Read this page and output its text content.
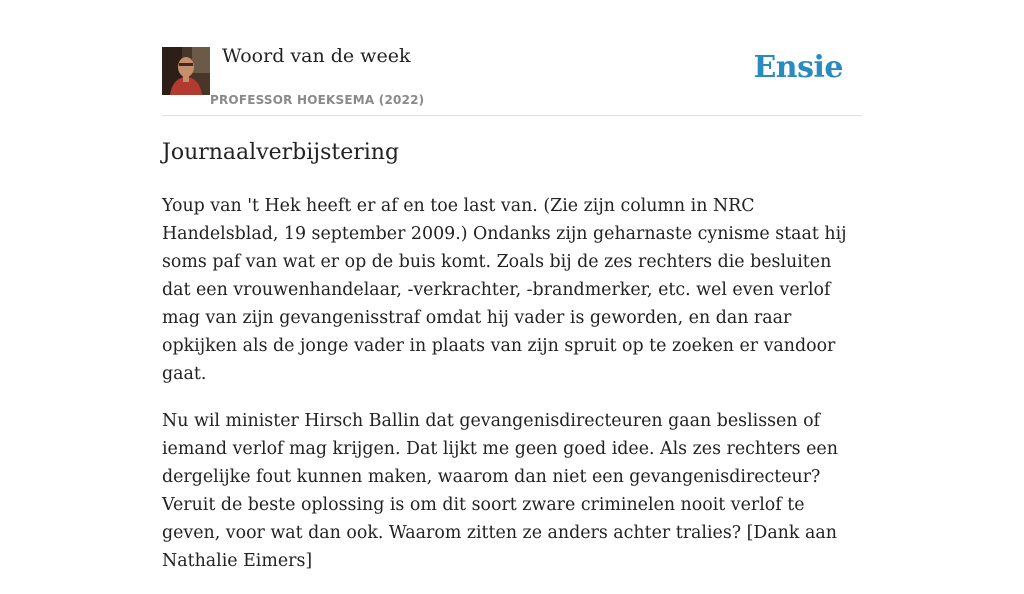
Woord van de week
PROFESSOR HOEKSEMA (2022)
Ensie
Journaalverbijstering

Youp van 't Hek heeft er af en toe last van. (Zie zijn column in NRC Handelsblad, 19 september 2009.) Ondanks zijn geharnaste cynisme staat hij soms paf van wat er op de buis komt. Zoals bij de zes rechters die besluiten dat een vrouwenhandelaar, -verkrachter, -brandmerker, etc. wel even verlof mag van zijn gevangenisstraf omdat hij vader is geworden, en dan raar opkijken als de jonge vader in plaats van zijn spruit op te zoeken er vandoor gaat.

Nu wil minister Hirsch Ballin dat gevangenisdirecteuren gaan beslissen of iemand verlof mag krijgen. Dat lijkt me geen goed idee. Als zes rechters een dergelijke fout kunnen maken, waarom dan niet een gevangenisdirecteur? Veruit de beste oplossing is om dit soort zware criminelen nooit verlof te geven, voor wat dan ook. Waarom zitten ze anders achter tralies? [Dank aan Nathalie Eimers]
